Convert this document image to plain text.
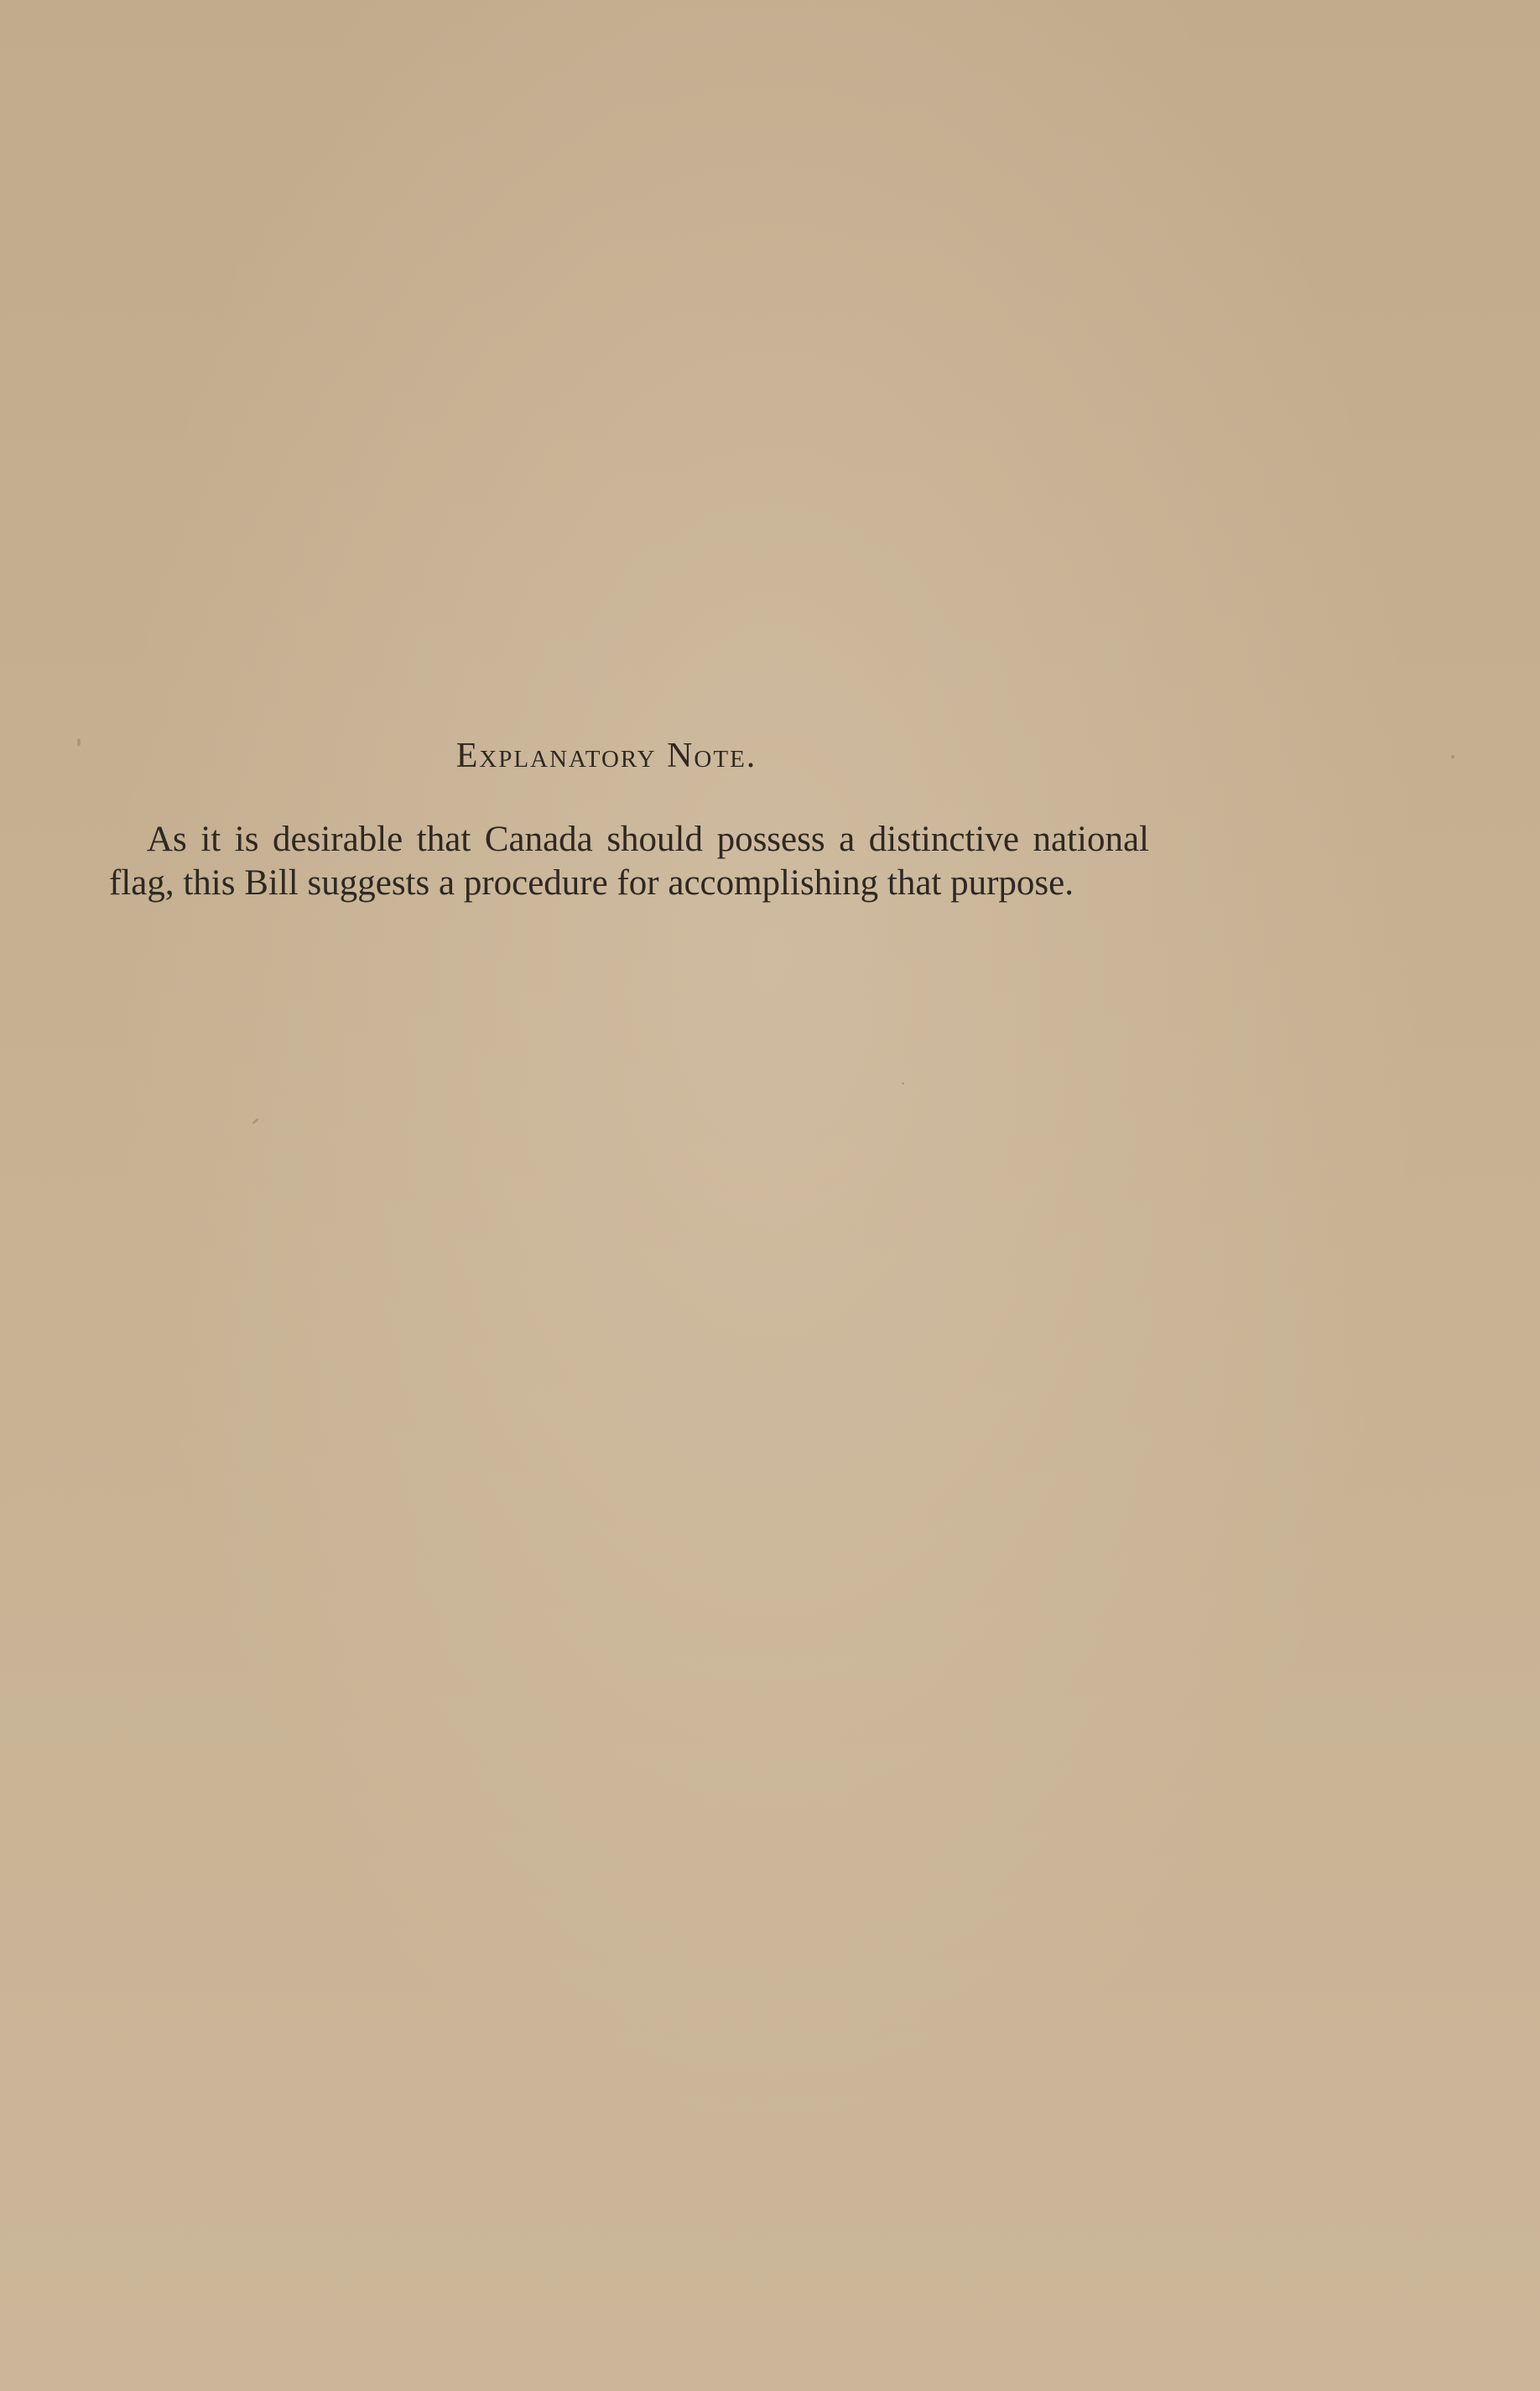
Explanatory Note.

As it is desirable that Canada should possess a distinctive national flag, this Bill suggests a procedure for accomplishing that purpose.
